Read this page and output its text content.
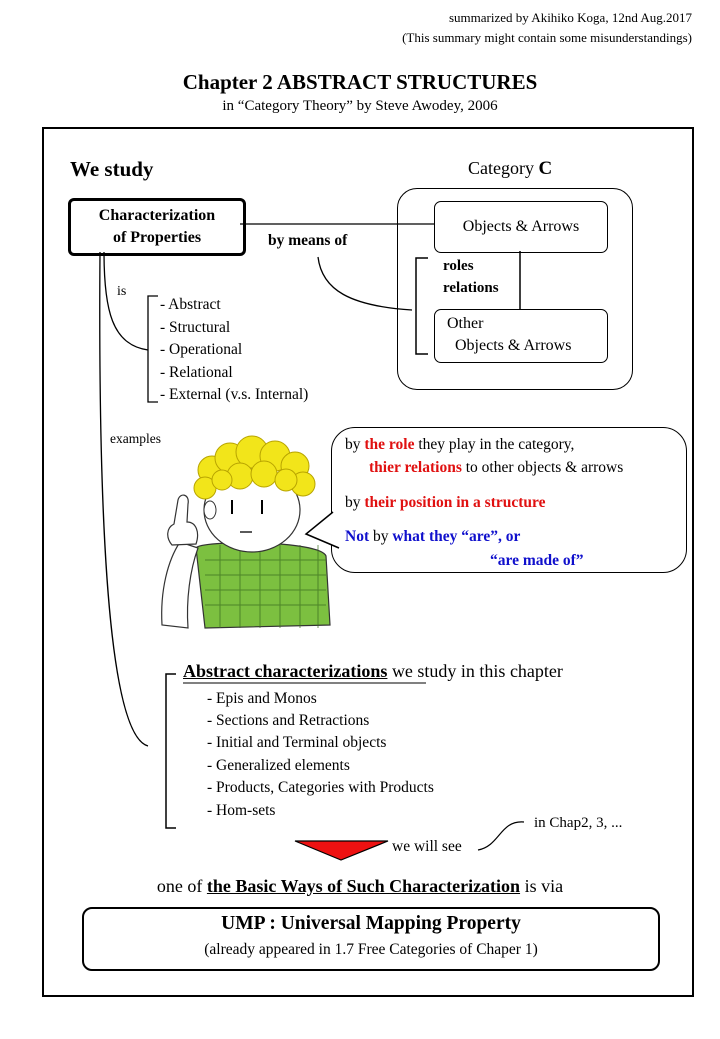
summarized by Akihiko Koga, 12nd Aug.2017
(This summary might contain some misunderstandings)
Chapter 2 ABSTRACT STRUCTURES
in “Category Theory” by Steve Awodey, 2006
We study
Characterization
of Properties	by means of
Category C
Objects & Arrows
roles
relations
Other
Objects & Arrows
is
- Abstract
- Structural
- Operational
- Relational
- External (v.s. Internal)
examples	by the role they play in the category,
thier relations to other objects & arrows
by their position in a structure
Not by what they “are”, or
“are made of”
Abstract characterizations we study in this chapter
- Epis and Monos
- Sections and Retractions
- Initial and Terminal objects
- Generalized elements
- Products, Categories with Products
- Hom-sets
in Chap2, 3, ...
we will see
one of the Basic Ways of Such Characterization is via
UMP : Universal Mapping Property
(already appeared in 1.7 Free Categories of Chaper 1)
